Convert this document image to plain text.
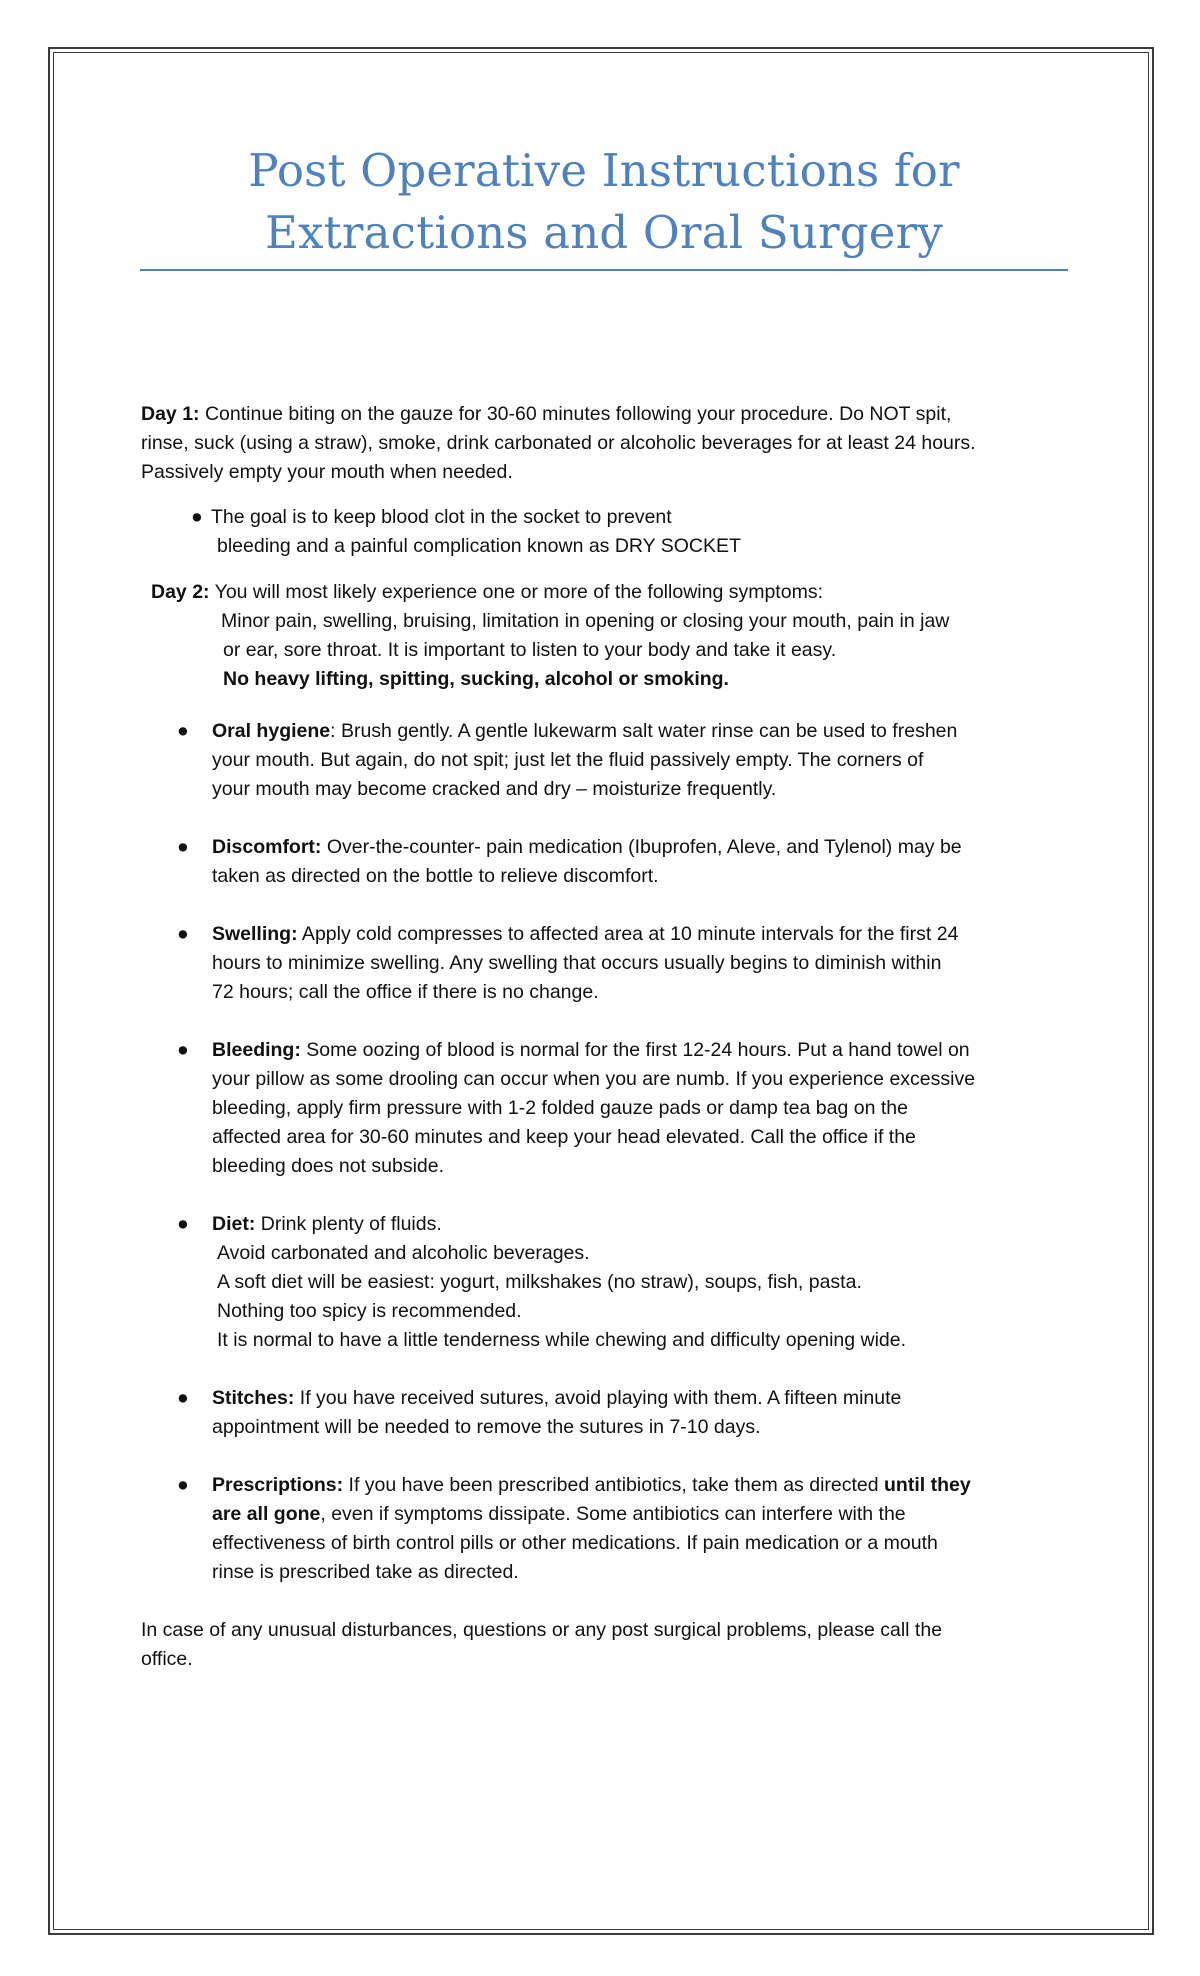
Post Operative Instructions for
Extractions and Oral Surgery

Day 1: Continue biting on the gauze for 30-60 minutes following your procedure. Do NOT spit,
rinse, suck (using a straw), smoke, drink carbonated or alcoholic beverages for at least 24 hours.
Passively empty your mouth when needed.

● The goal is to keep blood clot in the socket to prevent
bleeding and a painful complication known as DRY SOCKET

Day 2: You will most likely experience one or more of the following symptoms:
Minor pain, swelling, bruising, limitation in opening or closing your mouth, pain in jaw
or ear, sore throat. It is important to listen to your body and take it easy.
No heavy lifting, spitting, sucking, alcohol or smoking.

● Oral hygiene: Brush gently. A gentle lukewarm salt water rinse can be used to freshen
your mouth. But again, do not spit; just let the fluid passively empty. The corners of
your mouth may become cracked and dry – moisturize frequently.
● Discomfort: Over-the-counter- pain medication (Ibuprofen, Aleve, and Tylenol) may be
taken as directed on the bottle to relieve discomfort.
● Swelling: Apply cold compresses to affected area at 10 minute intervals for the first 24
hours to minimize swelling. Any swelling that occurs usually begins to diminish within
72 hours; call the office if there is no change.
● Bleeding: Some oozing of blood is normal for the first 12-24 hours. Put a hand towel on
your pillow as some drooling can occur when you are numb. If you experience excessive
bleeding, apply firm pressure with 1-2 folded gauze pads or damp tea bag on the
affected area for 30-60 minutes and keep your head elevated. Call the office if the
bleeding does not subside.
● Diet: Drink plenty of fluids.
Avoid carbonated and alcoholic beverages.
A soft diet will be easiest: yogurt, milkshakes (no straw), soups, fish, pasta.
Nothing too spicy is recommended.
It is normal to have a little tenderness while chewing and difficulty opening wide.
● Stitches: If you have received sutures, avoid playing with them. A fifteen minute
appointment will be needed to remove the sutures in 7-10 days.
● Prescriptions: If you have been prescribed antibiotics, take them as directed until they
are all gone, even if symptoms dissipate. Some antibiotics can interfere with the
effectiveness of birth control pills or other medications. If pain medication or a mouth
rinse is prescribed take as directed.

In case of any unusual disturbances, questions or any post surgical problems, please call the
office.
